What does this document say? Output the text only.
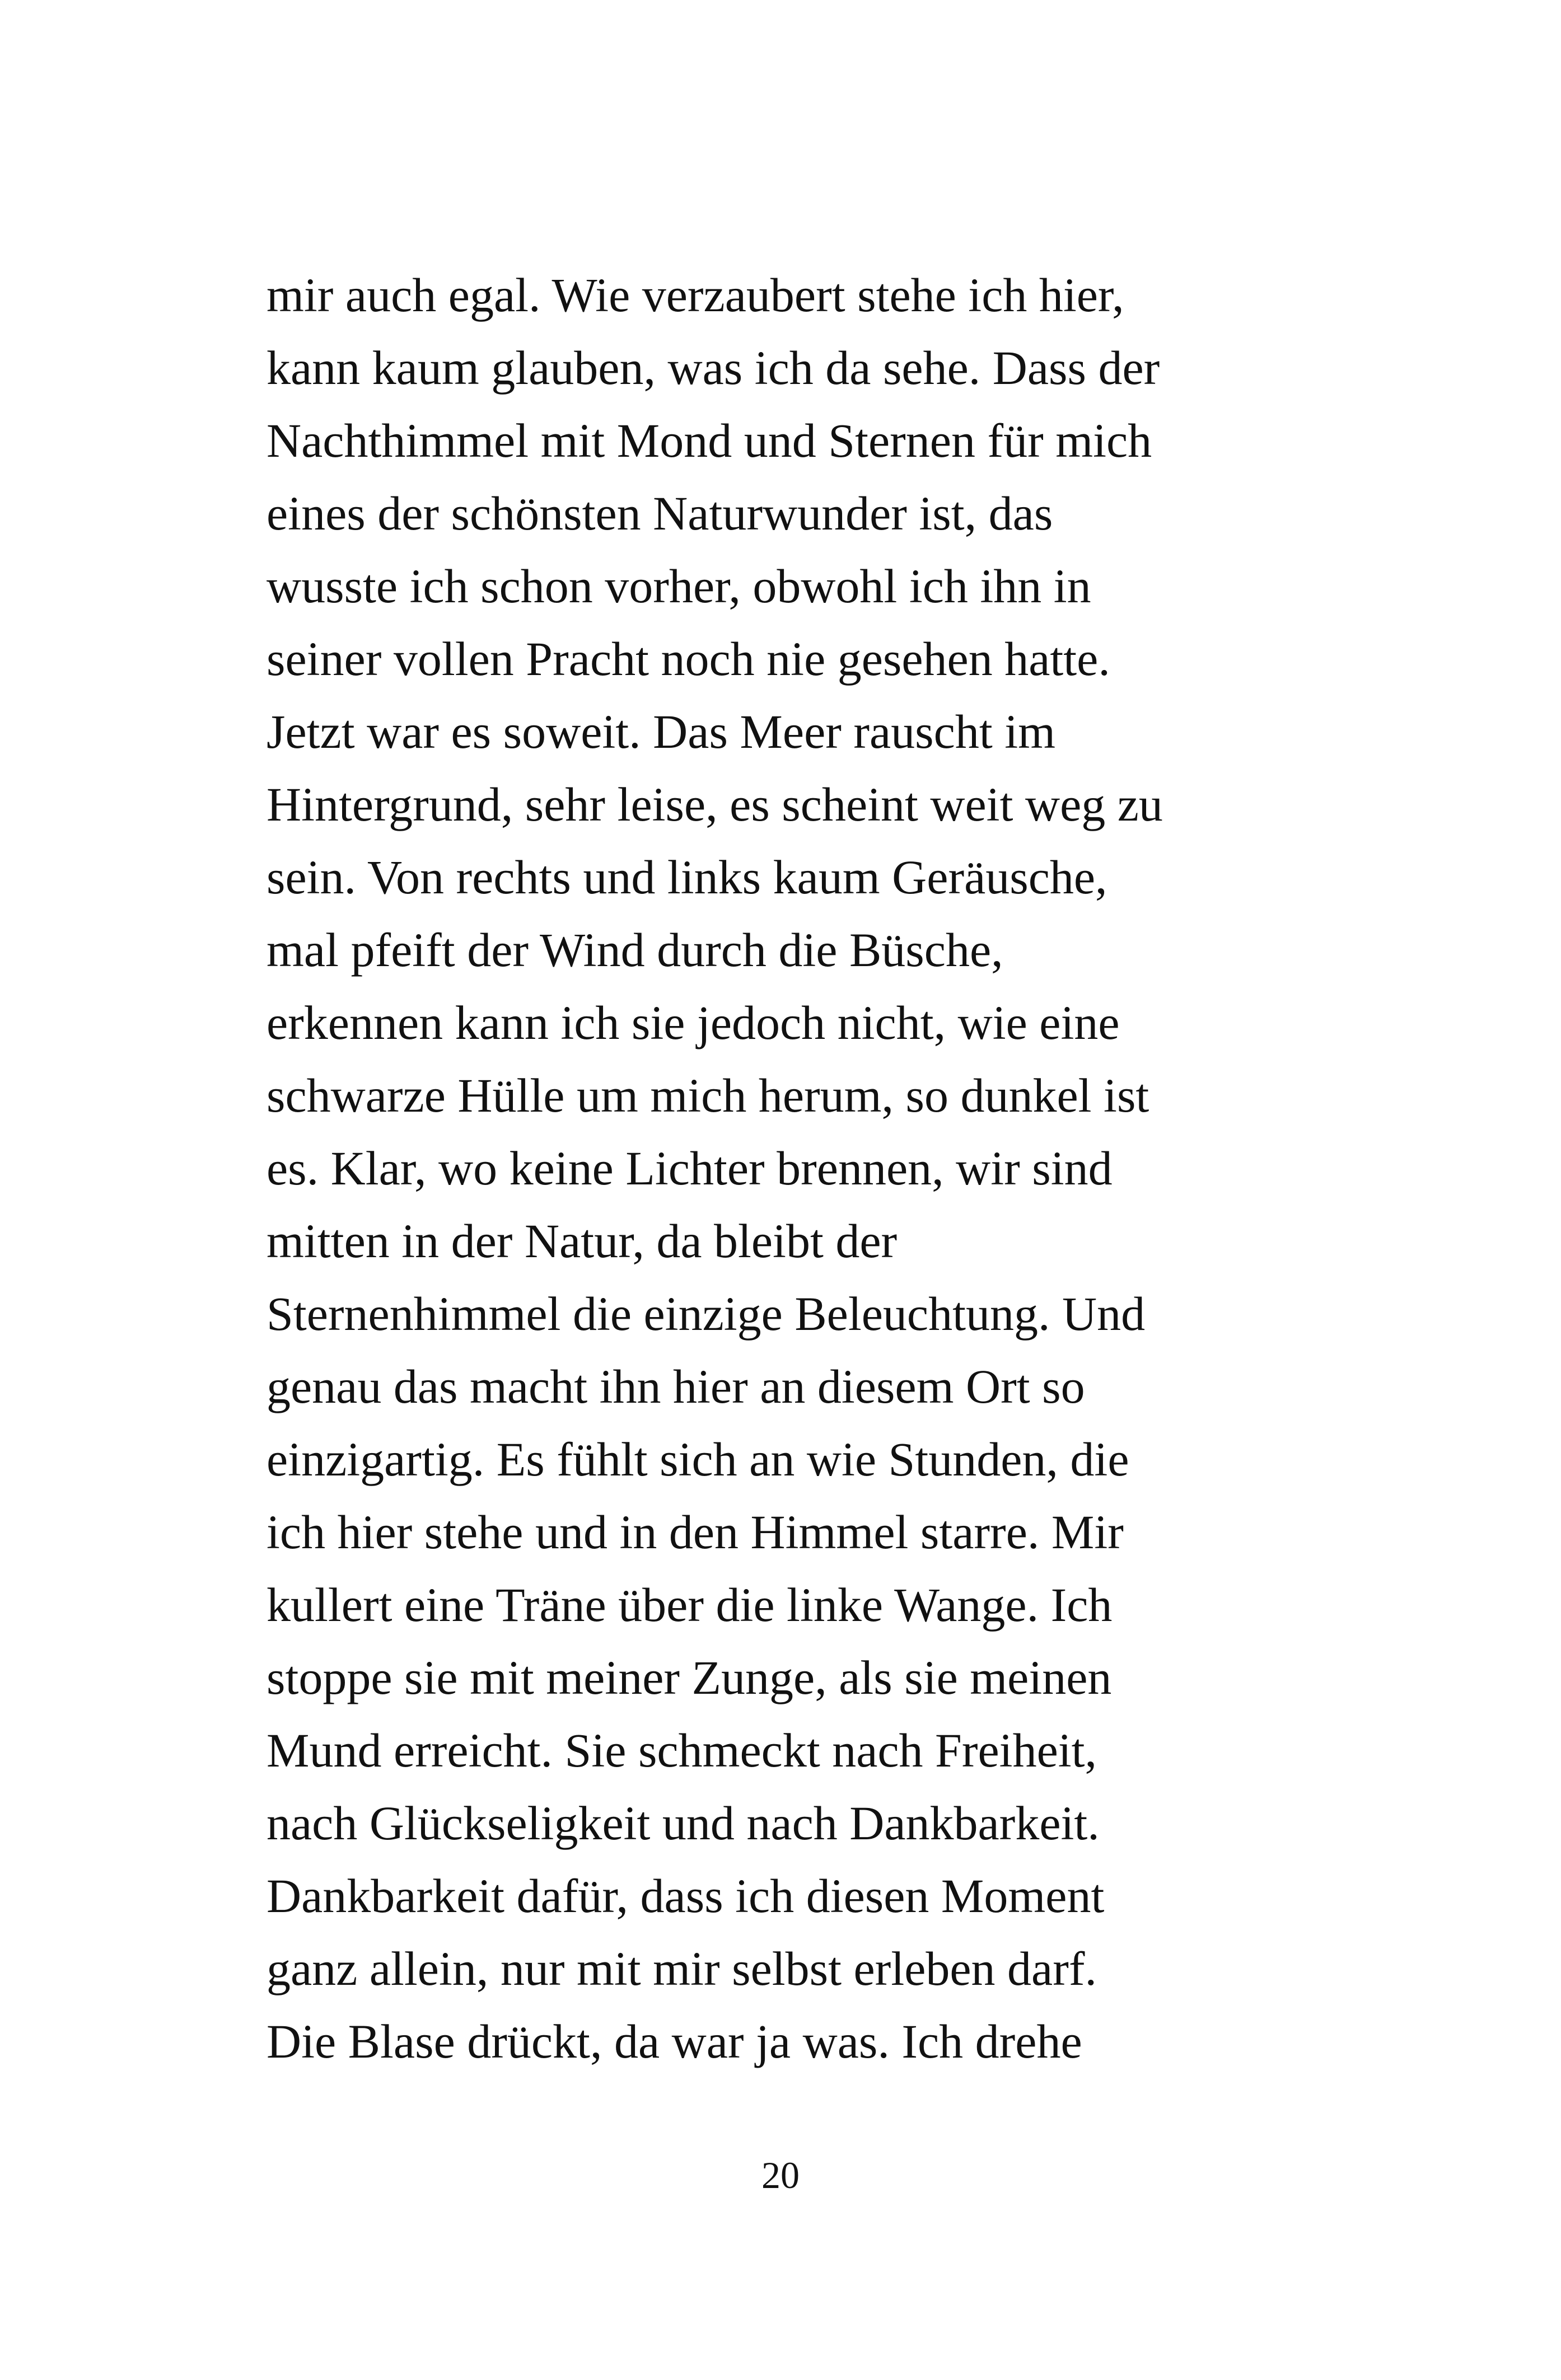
mir auch egal. Wie verzaubert stehe ich hier,
kann kaum glauben, was ich da sehe. Dass der
Nachthimmel mit Mond und Sternen für mich
eines der schönsten Naturwunder ist, das
wusste ich schon vorher, obwohl ich ihn in
seiner vollen Pracht noch nie gesehen hatte.
Jetzt war es soweit. Das Meer rauscht im
Hintergrund, sehr leise, es scheint weit weg zu
sein. Von rechts und links kaum Geräusche,
mal pfeift der Wind durch die Büsche,
erkennen kann ich sie jedoch nicht, wie eine
schwarze Hülle um mich herum, so dunkel ist
es. Klar, wo keine Lichter brennen, wir sind
mitten in der Natur, da bleibt der
Sternenhimmel die einzige Beleuchtung. Und
genau das macht ihn hier an diesem Ort so
einzigartig. Es fühlt sich an wie Stunden, die
ich hier stehe und in den Himmel starre. Mir
kullert eine Träne über die linke Wange. Ich
stoppe sie mit meiner Zunge, als sie meinen
Mund erreicht. Sie schmeckt nach Freiheit,
nach Glückseligkeit und nach Dankbarkeit.
Dankbarkeit dafür, dass ich diesen Moment
ganz allein, nur mit mir selbst erleben darf.
Die Blase drückt, da war ja was. Ich drehe
20
